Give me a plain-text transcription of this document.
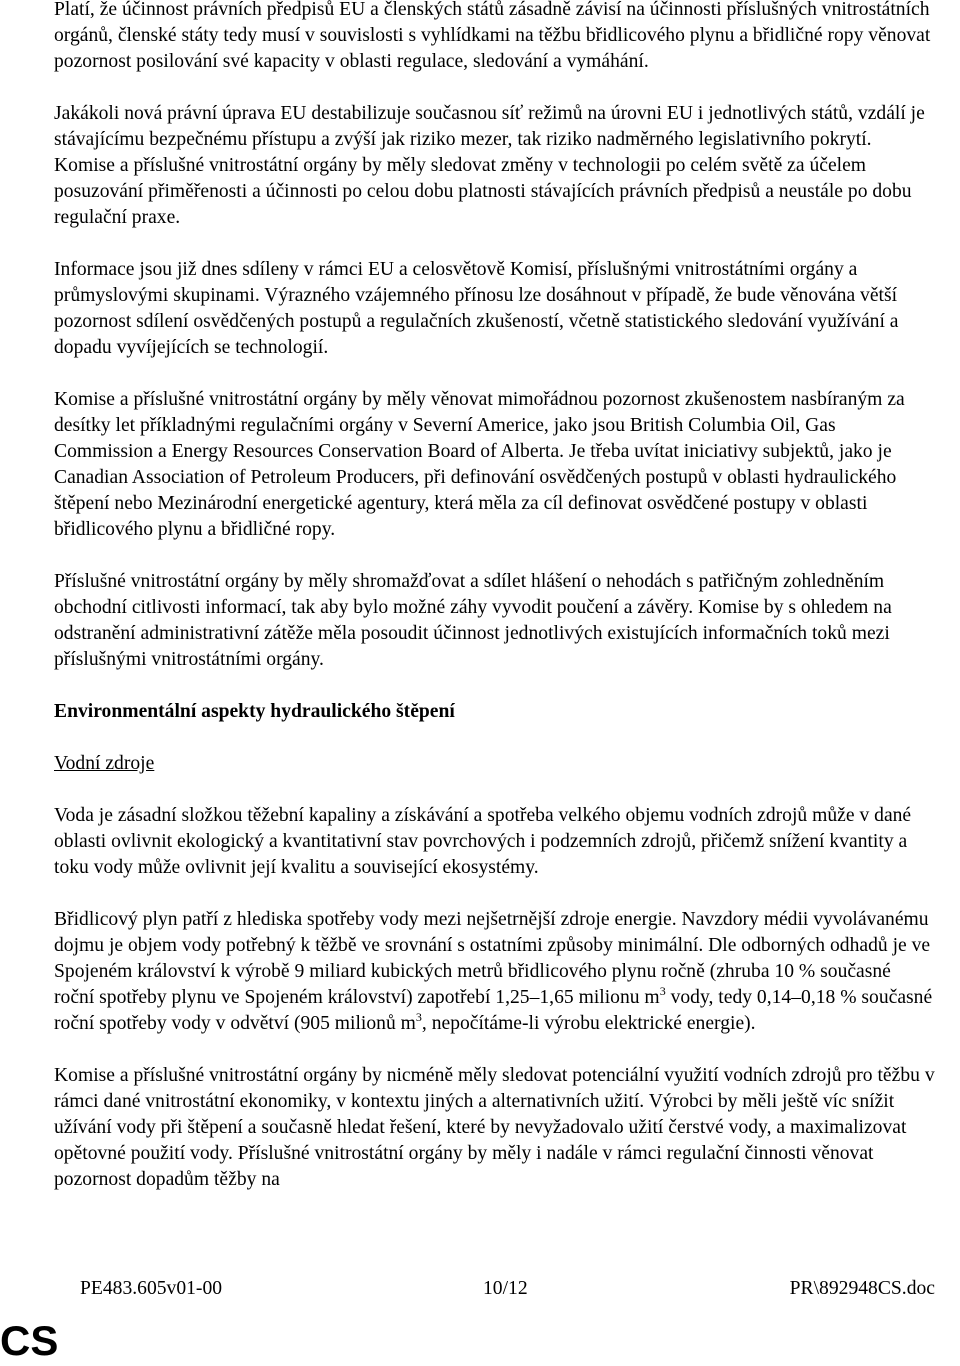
Platí, že účinnost právních předpisů EU a členských států zásadně závisí na účinnosti příslušných vnitrostátních orgánů, členské státy tedy musí v souvislosti s vyhlídkami na těžbu břidlicového plynu a břidličné ropy věnovat pozornost posilování své kapacity v oblasti regulace, sledování a vymáhání.

Jakákoli nová právní úprava EU destabilizuje současnou síť režimů na úrovni EU i jednotlivých států, vzdálí je stávajícímu bezpečnému přístupu a zvýší jak riziko mezer, tak riziko nadměrného legislativního pokrytí. Komise a příslušné vnitrostátní orgány by měly sledovat změny v technologii po celém světě za účelem posuzování přiměřenosti a účinnosti po celou dobu platnosti stávajících právních předpisů a neustále po dobu regulační praxe.

Informace jsou již dnes sdíleny v rámci EU a celosvětově Komisí, příslušnými vnitrostátními orgány a průmyslovými skupinami. Výrazného vzájemného přínosu lze dosáhnout v případě, že bude věnována větší pozornost sdílení osvědčených postupů a regulačních zkušeností, včetně statistického sledování využívání a dopadu vyvíjejících se technologií.

Komise a příslušné vnitrostátní orgány by měly věnovat mimořádnou pozornost zkušenostem nasbíraným za desítky let příkladnými regulačními orgány v Severní Americe, jako jsou British Columbia Oil, Gas Commission a Energy Resources Conservation Board of Alberta. Je třeba uvítat iniciativy subjektů, jako je Canadian Association of Petroleum Producers, při definování osvědčených postupů v oblasti hydraulického štěpení nebo Mezinárodní energetické agentury, která měla za cíl definovat osvědčené postupy v oblasti břidlicového plynu a břidličné ropy.

Příslušné vnitrostátní orgány by měly shromažďovat a sdílet hlášení o nehodách s patřičným zohledněním obchodní citlivosti informací, tak aby bylo možné záhy vyvodit poučení a závěry. Komise by s ohledem na odstranění administrativní zátěže měla posoudit účinnost jednotlivých existujících informačních toků mezi příslušnými vnitrostátními orgány.

Environmentální aspekty hydraulického štěpení

Vodní zdroje

Voda je zásadní složkou těžební kapaliny a získávání a spotřeba velkého objemu vodních zdrojů může v dané oblasti ovlivnit ekologický a kvantitativní stav povrchových i podzemních zdrojů, přičemž snížení kvantity a toku vody může ovlivnit její kvalitu a související ekosystémy.

Břidlicový plyn patří z hlediska spotřeby vody mezi nejšetrnější zdroje energie. Navzdory médii vyvolávanému dojmu je objem vody potřebný k těžbě ve srovnání s ostatními způsoby minimální. Dle odborných odhadů je ve Spojeném království k výrobě 9 miliard kubických metrů břidlicového plynu ročně (zhruba 10 % současné roční spotřeby plynu ve Spojeném království) zapotřebí 1,25–1,65 milionu $m^3$ vody, tedy 0,14–0,18 % současné roční spotřeby vody v odvětví (905 milionů $m^3$, nepočítáme-li výrobu elektrické energie).

Komise a příslušné vnitrostátní orgány by nicméně měly sledovat potenciální využití vodních zdrojů pro těžbu v rámci dané vnitrostátní ekonomiky, v kontextu jiných a alternativních užití. Výrobci by měli ještě víc snížit užívání vody při štěpení a současně hledat řešení, které by nevyžadovalo užití čerstvé vody, a maximalizovat opětovné použití vody. Příslušné vnitrostátní orgány by měly i nadále v rámci regulační činnosti věnovat pozornost dopadům těžby na

PE483.605v01-00	10/12	PR\892948CS.doc
CS
